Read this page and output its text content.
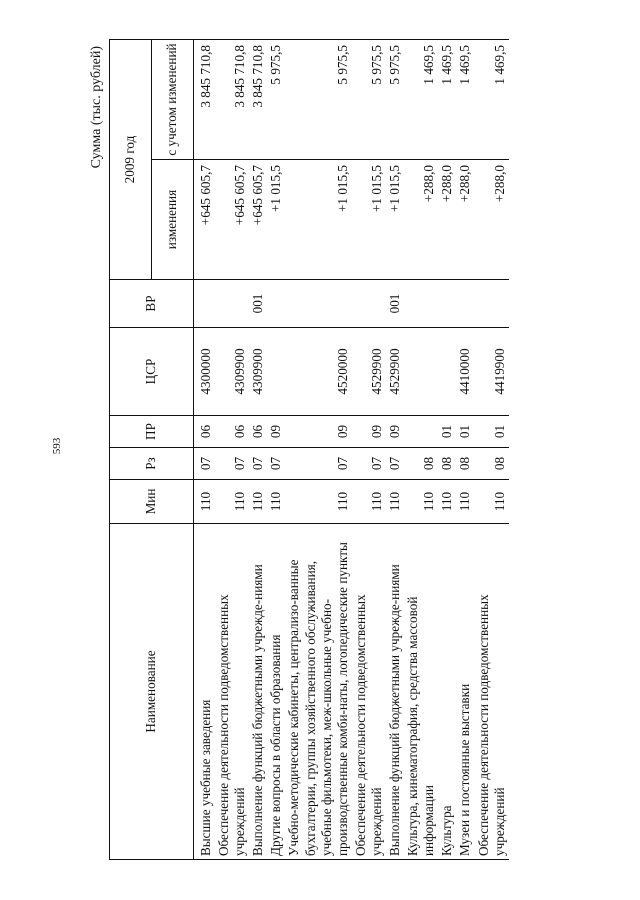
593
Сумма (тыс. рублей)
Наименование	Мин	Рз	ПР	ЦСР	ВР	2009 год	
						изменения	с учетом изменений
Высшие учебные заведения	110	07	06	4300000		+645 605,7	3 845 710,8
Обеспечение деятельности подведомственных учреждений	110	07	06	4309900		+645 605,7	3 845 710,8
Выполнение функций бюджетными учрежде-ниями	110	07	06	4309900	001	+645 605,7	3 845 710,8
Другие вопросы в области образования	110	07	09			+1 015,5	5 975,5
Учебно-методические кабинеты, централизо-ванные бухгалтерии, группы хозяйственного обслуживания, учебные фильмотеки, меж-школьные учебно-производственные комби-наты, логопедические пункты	110	07	09	4520000		+1 015,5	5 975,5
Обеспечение деятельности подведомственных учреждений	110	07	09	4529900		+1 015,5	5 975,5
Выполнение функций бюджетными учрежде-ниями	110	07	09	4529900	001	+1 015,5	5 975,5
Культура, кинематография, средства массовой информации	110	08				+288,0	1 469,5
Культура	110	08	01			+288,0	1 469,5
Музеи и постоянные выставки	110	08	01	4410000		+288,0	1 469,5
Обеспечение деятельности подведомственных учреждений	110	08	01	4419900		+288,0	1 469,5
